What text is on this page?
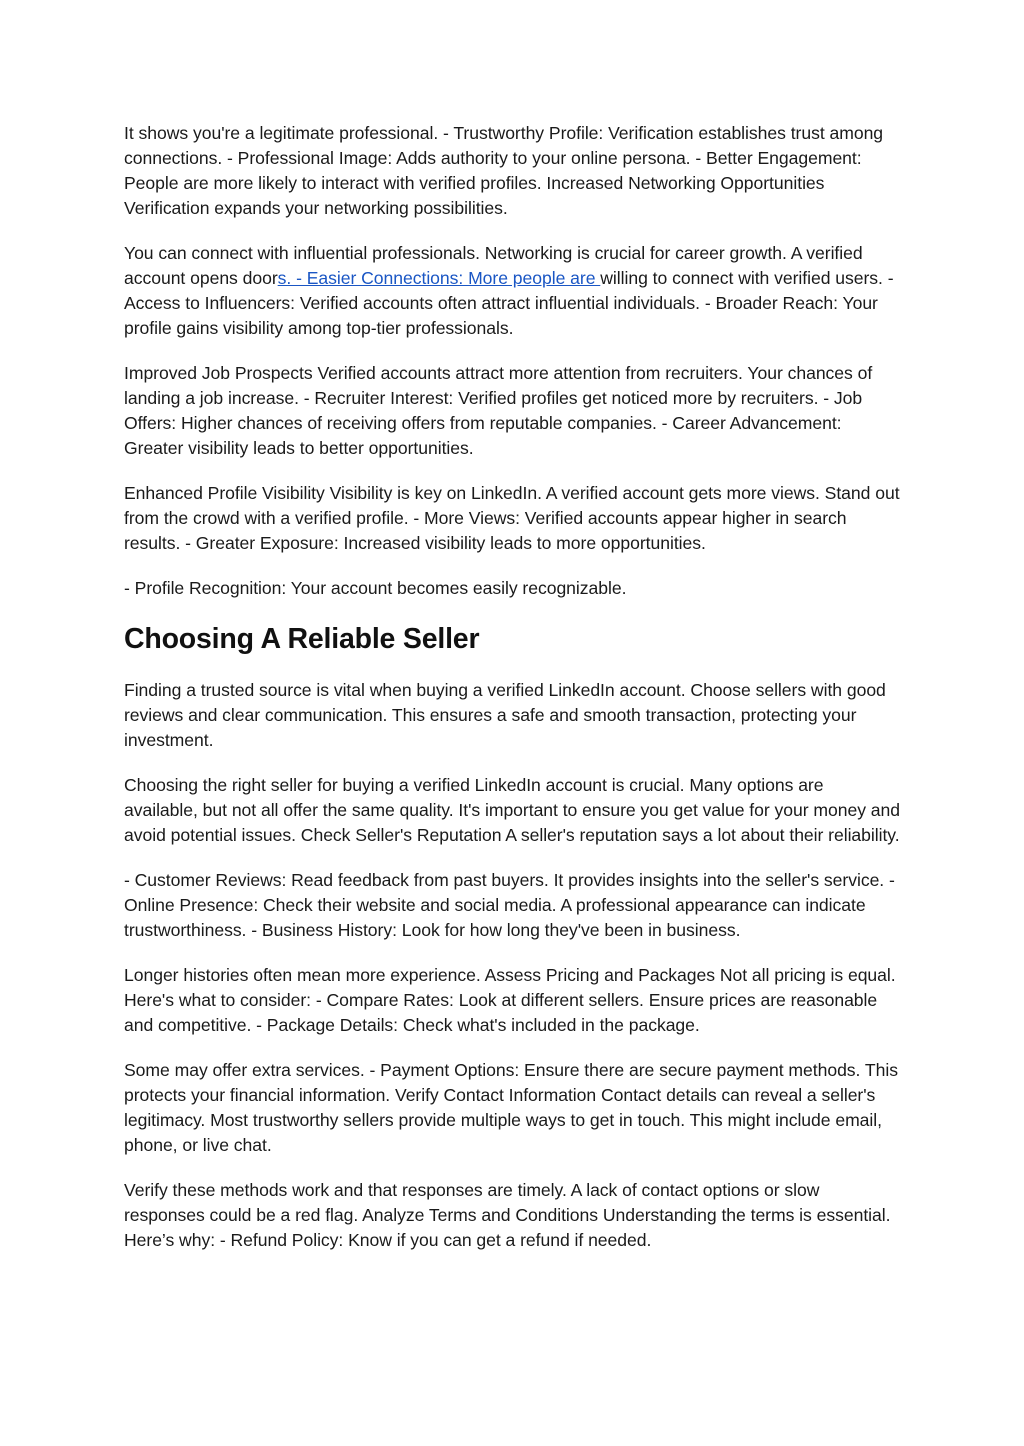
It shows you're a legitimate professional. - Trustworthy Profile: Verification establishes trust among connections. - Professional Image: Adds authority to your online persona. - Better Engagement: People are more likely to interact with verified profiles. Increased Networking Opportunities Verification expands your networking possibilities.

You can connect with influential professionals. Networking is crucial for career growth. A verified account opens doors. - Easier Connections: More people are willing to connect with verified users. - Access to Influencers: Verified accounts often attract influential individuals. - Broader Reach: Your profile gains visibility among top-tier professionals.

Improved Job Prospects Verified accounts attract more attention from recruiters. Your chances of landing a job increase. - Recruiter Interest: Verified profiles get noticed more by recruiters. - Job Offers: Higher chances of receiving offers from reputable companies. - Career Advancement: Greater visibility leads to better opportunities.

Enhanced Profile Visibility Visibility is key on LinkedIn. A verified account gets more views. Stand out from the crowd with a verified profile. - More Views: Verified accounts appear higher in search results. - Greater Exposure: Increased visibility leads to more opportunities.

- Profile Recognition: Your account becomes easily recognizable.

Choosing A Reliable Seller

Finding a trusted source is vital when buying a verified LinkedIn account. Choose sellers with good reviews and clear communication. This ensures a safe and smooth transaction, protecting your investment.

Choosing the right seller for buying a verified LinkedIn account is crucial. Many options are available, but not all offer the same quality. It's important to ensure you get value for your money and avoid potential issues. Check Seller's Reputation A seller's reputation says a lot about their reliability.

- Customer Reviews: Read feedback from past buyers. It provides insights into the seller's service. - Online Presence: Check their website and social media. A professional appearance can indicate trustworthiness. - Business History: Look for how long they've been in business.

Longer histories often mean more experience. Assess Pricing and Packages Not all pricing is equal. Here's what to consider: - Compare Rates: Look at different sellers. Ensure prices are reasonable and competitive. - Package Details: Check what's included in the package.

Some may offer extra services. - Payment Options: Ensure there are secure payment methods. This protects your financial information. Verify Contact Information Contact details can reveal a seller's legitimacy. Most trustworthy sellers provide multiple ways to get in touch. This might include email, phone, or live chat.

Verify these methods work and that responses are timely. A lack of contact options or slow responses could be a red flag. Analyze Terms and Conditions Understanding the terms is essential. Here’s why: - Refund Policy: Know if you can get a refund if needed.
